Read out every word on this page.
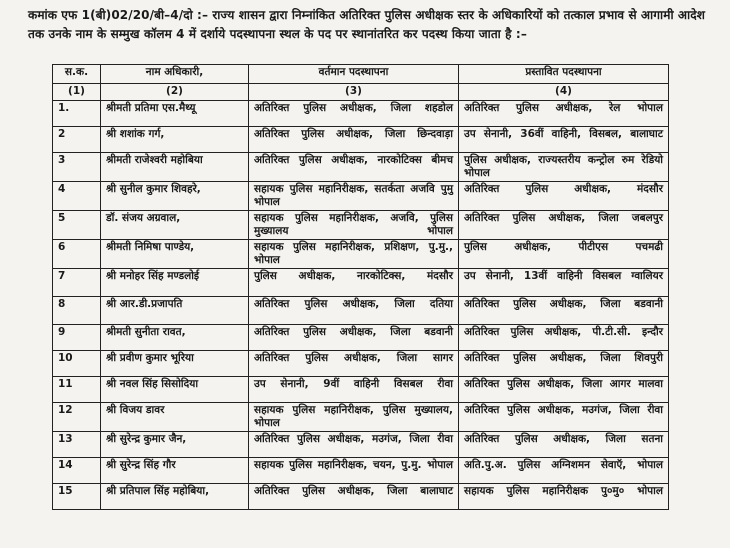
कमांक एफ 1(बी)02/20/बी–4/दो :– राज्य शासन द्वारा निम्नांकित अतिरिक्त पुलिस अधीक्षक स्तर के अधिकारियों को तत्काल प्रभाव से आगामी आदेश तक उनके नाम के सम्मुख कॉलम 4 में दर्शाये पदस्थापना स्थल के पद पर स्थानांतरित कर पदस्थ किया जाता है :–
स.क.	नाम अधिकारी,	वर्तमान पदस्थापना	प्रस्तावित पदस्थापना
(1)	(2)	(3)	(4)
1.	श्रीमती प्रतिमा एस.मैथ्यू	अतिरिक्त पुलिस अधीक्षक, जिला शहडोल	अतिरिक्त पुलिस अधीक्षक, रेल भोपाल
2	श्री शशांक गर्ग,	अतिरिक्त पुलिस अधीक्षक, जिला छिन्दवाड़ा	उप सेनानी, 36वीं वाहिनी, विसबल, बालाघाट
3	श्रीमती राजेश्वरी महोबिया	अतिरिक्त पुलिस अधीक्षक, नारकोटिक्स बीमच	पुलिस अधीक्षक, राज्यस्तरीय कन्ट्रोल रुम रेडियो भोपाल
4	श्री सुनील कुमार शिवहरे,	सहायक पुलिस महानिरीक्षक, सतर्कता अजवि पुमु भोपाल	अतिरिक्त पुलिस अधीक्षक, मंदसौर
5	डॉ. संजय अग्रवाल,	सहायक पुलिस महानिरीक्षक, अजवि, पुलिस मुख्यालय भोपाल	अतिरिक्त पुलिस अधीक्षक, जिला जबलपुर
6	श्रीमती निमिषा पाण्डेय,	सहायक पुलिस महानिरीक्षक, प्रशिक्षण, पु.मु., भोपाल	पुलिस अधीक्षक, पीटीएस पचमढी
7	श्री मनोहर सिंह मण्डलोई	पुलिस अधीक्षक, नारकोटिक्स, मंदसौर	उप सेनानी, 13वीं वाहिनी विसबल ग्वालियर
8	श्री आर.डी.प्रजापति	अतिरिक्त पुलिस अधीक्षक, जिला दतिया	अतिरिक्त पुलिस अधीक्षक, जिला बडवानी
9	श्रीमती सुनीता रावत,	अतिरिक्त पुलिस अधीक्षक, जिला बडवानी	अतिरिक्त पुलिस अधीक्षक, पी.टी.सी. इन्दौर
10	श्री प्रवीण कुमार भूरिया	अतिरिक्त पुलिस अधीक्षक, जिला सागर	अतिरिक्त पुलिस अधीक्षक, जिला शिवपुरी
11	श्री नवल सिंह सिसोदिया	उप सेनानी, 9वीं वाहिनी विसबल रीवा	अतिरिक्त पुलिस अधीक्षक, जिला आगर मालवा
12	श्री विजय डावर	सहायक पुलिस महानिरीक्षक, पुलिस मुख्यालय, भोपाल	अतिरिक्त पुलिस अधीक्षक, मउगंज, जिला रीवा
13	श्री सुरेन्द्र कुमार जैन,	अतिरिक्त पुलिस अधीक्षक, मउगंज, जिला रीवा	अतिरिक्त पुलिस अधीक्षक, जिला सतना
14	श्री सुरेन्द्र सिंह गौर	सहायक पुलिस महानिरीक्षक, चयन, पु.मु. भोपाल	अति.पु.अ. पुलिस अग्निशमन सेवाऍ, भोपाल
15	श्री प्रतिपाल सिंह महोबिया,	अतिरिक्त पुलिस अधीक्षक, जिला बालाघाट	सहायक पुलिस महानिरीक्षक पु०मु० भोपाल
